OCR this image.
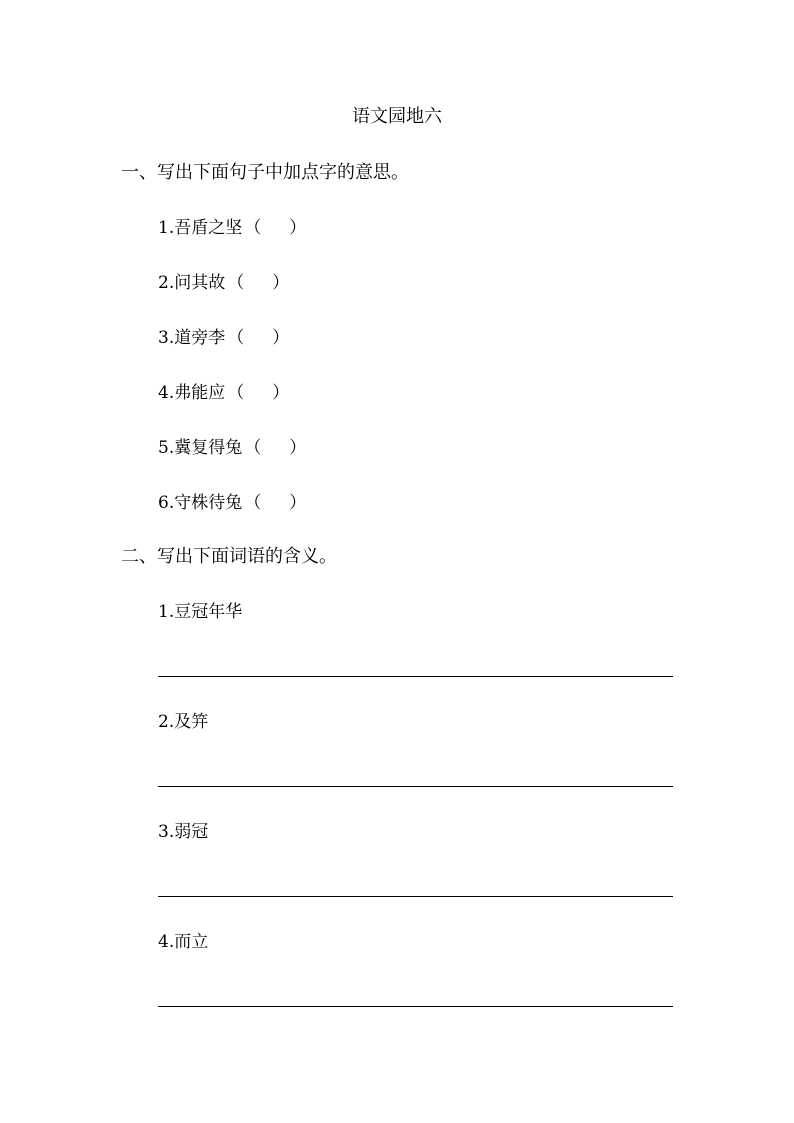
语文园地六
一、写出下面句子中加点字的意思。
1.吾盾之坚 （ ）
2.问其故 （ ）
3.道旁李 （ ）
4.弗能应 （ ）
5.冀复得兔 （ ）
6.守株待兔 （ ）
二、写出下面词语的含义。
1.豆冠年华
2.及笄
3.弱冠
4.而立
